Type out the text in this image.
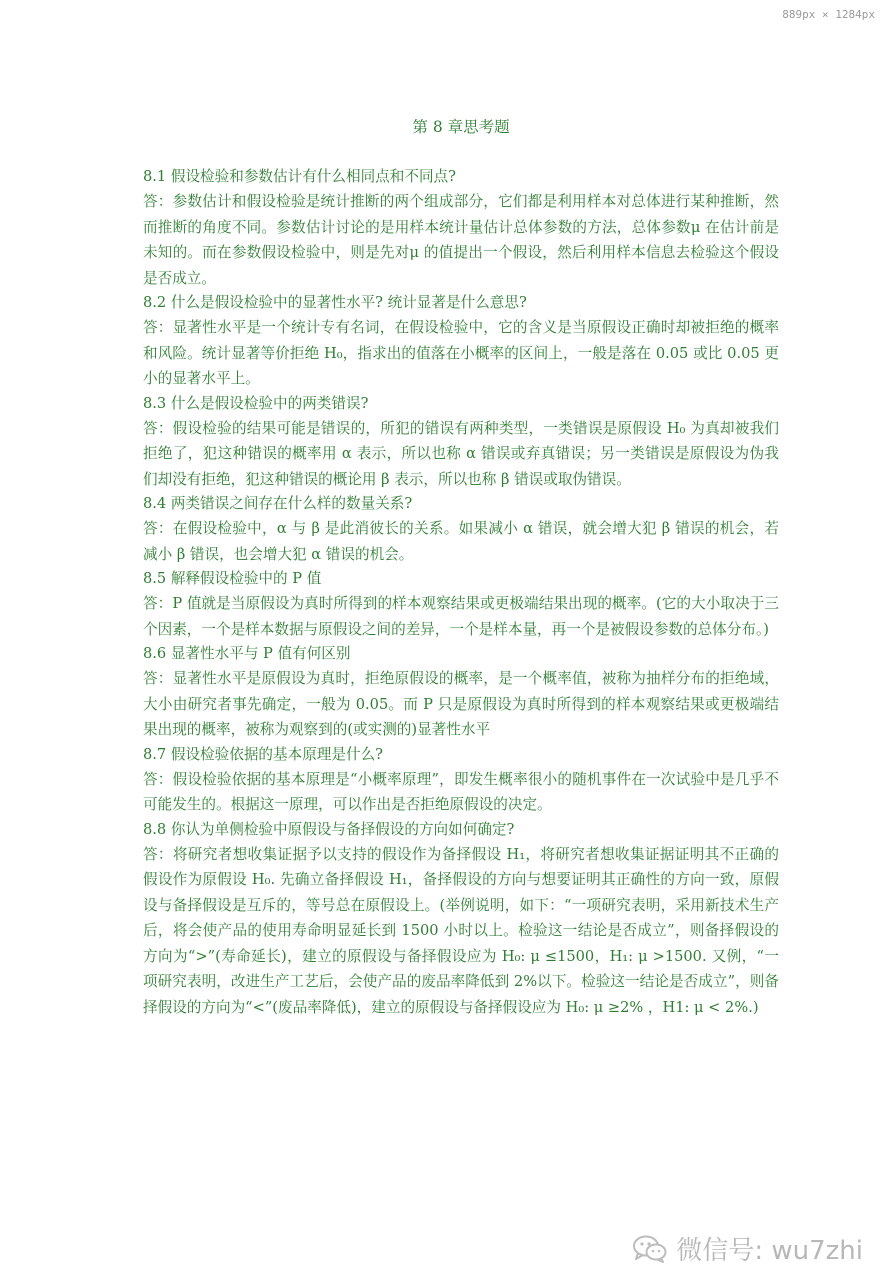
889px × 1284px
第 8 章思考题
8.1 假设检验和参数估计有什么相同点和不同点?
答：参数估计和假设检验是统计推断的两个组成部分，它们都是利用样本对总体进行某种推断，然而推断的角度不同。参数估计讨论的是用样本统计量估计总体参数的方法，总体参数μ 在估计前是未知的。而在参数假设检验中，则是先对μ 的值提出一个假设，然后利用样本信息去检验这个假设是否成立。
8.2 什么是假设检验中的显著性水平? 统计显著是什么意思?
答：显著性水平是一个统计专有名词，在假设检验中，它的含义是当原假设正确时却被拒绝的概率和风险。统计显著等价拒绝 H₀，指求出的值落在小概率的区间上，一般是落在 0.05 或比 0.05 更小的显著水平上。
8.3 什么是假设检验中的两类错误?
答：假设检验的结果可能是错误的，所犯的错误有两种类型，一类错误是原假设 H₀ 为真却被我们拒绝了，犯这种错误的概率用 α 表示，所以也称 α 错误或弃真错误；另一类错误是原假设为伪我们却没有拒绝，犯这种错误的概论用 β 表示，所以也称 β 错误或取伪错误。
8.4 两类错误之间存在什么样的数量关系?
答：在假设检验中，α 与 β 是此消彼长的关系。如果减小 α 错误，就会增大犯 β 错误的机会，若减小 β 错误，也会增大犯 α 错误的机会。
8.5 解释假设检验中的 P 值
答：P 值就是当原假设为真时所得到的样本观察结果或更极端结果出现的概率。(它的大小取决于三个因素，一个是样本数据与原假设之间的差异，一个是样本量，再一个是被假设参数的总体分布。)
8.6 显著性水平与 P 值有何区别
答：显著性水平是原假设为真时，拒绝原假设的概率，是一个概率值，被称为抽样分布的拒绝域，大小由研究者事先确定，一般为 0.05。而 P 只是原假设为真时所得到的样本观察结果或更极端结果出现的概率，被称为观察到的(或实测的)显著性水平
8.7 假设检验依据的基本原理是什么?
答：假设检验依据的基本原理是“小概率原理”，即发生概率很小的随机事件在一次试验中是几乎不可能发生的。根据这一原理，可以作出是否拒绝原假设的决定。
8.8 你认为单侧检验中原假设与备择假设的方向如何确定?
答：将研究者想收集证据予以支持的假设作为备择假设 H₁，将研究者想收集证据证明其不正确的假设作为原假设 H₀. 先确立备择假设 H₁，备择假设的方向与想要证明其正确性的方向一致，原假设与备择假设是互斥的，等号总在原假设上。(举例说明，如下：“一项研究表明，采用新技术生产后，将会使产品的使用寿命明显延长到 1500 小时以上。检验这一结论是否成立”，则备择假设的方向为“>”(寿命延长)，建立的原假设与备择假设应为 H₀: μ ≤1500，H₁: μ >1500. 又例，“一项研究表明，改进生产工艺后，会使产品的废品率降低到 2%以下。检验这一结论是否成立”，则备择假设的方向为“<”(废品率降低)，建立的原假设与备择假设应为 H₀: μ ≥2% ，H1: μ < 2%.)
微信号: wu7zhi
